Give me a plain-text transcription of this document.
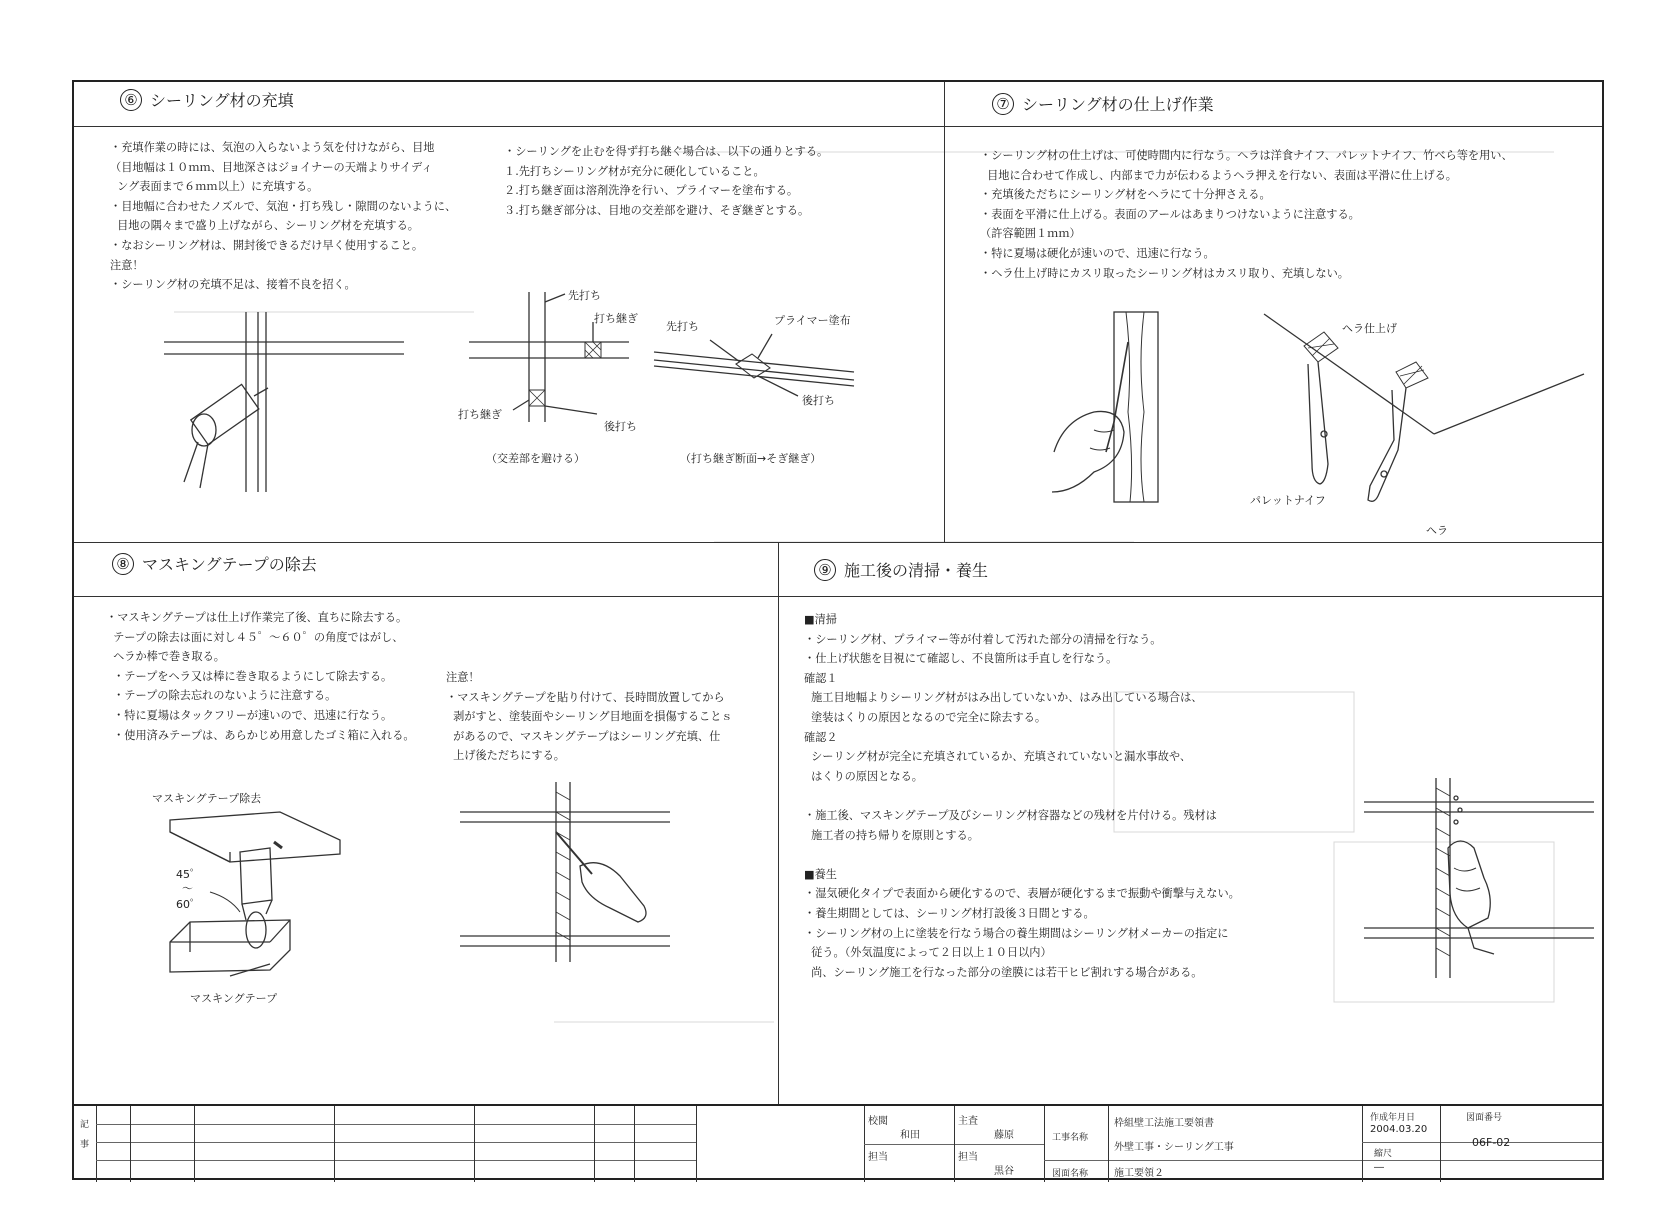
⑥ シーリング材の充填
・充填作業の時には、気泡の入らないよう気を付けながら、目地
（目地幅は１０ｍｍ、目地深さはジョイナーの天端よりサイディ
ング表面まで６ｍｍ以上）に充填する。
・目地幅に合わせたノズルで、気泡・打ち残し・隙間のないように、
目地の隅々まで盛り上げながら、シーリング材を充填する。
・なおシーリング材は、開封後できるだけ早く使用すること。
注意！
・シーリング材の充填不足は、接着不良を招く。
・シーリングを止むを得ず打ち継ぐ場合は、以下の通りとする。
１.先打ちシーリング材が充分に硬化していること。
２.打ち継ぎ面は溶剤洗浄を行い、プライマーを塗布する。
３.打ち継ぎ部分は、目地の交差部を避け、そぎ継ぎとする。
先打ち
打ち継ぎ
打ち継ぎ
後打ち
（交差部を避ける）
先打ち	プライマー塗布
後打ち
（打ち継ぎ断面→そぎ継ぎ）
⑦ シーリング材の仕上げ作業
・シーリング材の仕上げは、可使時間内に行なう。ヘラは洋食ナイフ、パレットナイフ、竹べら等を用い、
目地に合わせて作成し、内部まで力が伝わるようヘラ押えを行ない、表面は平滑に仕上げる。
・充填後ただちにシーリング材をヘラにて十分押さえる。
・表面を平滑に仕上げる。表面のアールはあまりつけないように注意する。
（許容範囲１ｍｍ）
・特に夏場は硬化が速いので、迅速に行なう。
・ヘラ仕上げ時にカスリ取ったシーリング材はカスリ取り、充填しない。
ヘラ仕上げ
パレットナイフ
ヘラ
⑧ マスキングテープの除去
・マスキングテープは仕上げ作業完了後、直ちに除去する。
テープの除去は面に対し４５゜～６０゜の角度ではがし、
ヘラか棒で巻き取る。
・テープをヘラ又は棒に巻き取るようにして除去する。
・テープの除去忘れのないように注意する。
・特に夏場はタックフリーが速いので、迅速に行なう。
・使用済みテープは、あらかじめ用意したゴミ箱に入れる。
注意！
・マスキングテープを貼り付けて、長時間放置してから
剥がすと、塗装面やシーリング目地面を損傷することｓ
があるので、マスキングテープはシーリング充填、仕
上げ後ただちにする。
マスキングテープ除去
45゜
～
60゜
マスキングテープ
⑨ 施工後の清掃・養生
■清掃
・シーリング材、プライマー等が付着して汚れた部分の清掃を行なう。
・仕上げ状態を目視にて確認し、不良箇所は手直しを行なう。
確認１
施工目地幅よりシーリング材がはみ出していないか、はみ出している場合は、
塗装はくりの原因となるので完全に除去する。
確認２
シーリング材が完全に充填されているか、充填されていないと漏水事故や、
はくりの原因となる。

・施工後、マスキングテープ及びシーリング材容器などの残材を片付ける。残材は
施工者の持ち帰りを原則とする。

■養生
・湿気硬化タイプで表面から硬化するので、表層が硬化するまで振動や衝撃与えない。
・養生期間としては、シーリング材打設後３日間とする。
・シーリング材の上に塗装を行なう場合の養生期間はシーリング材メーカーの指定に
従う。（外気温度によって２日以上１０日以内）
尚、シーリング施工を行なった部分の塗膜には若干ヒビ割れする場合がある。
記

事
校閲
和田
担当
主査
藤原
担当
黒谷
工事名称
図面名称
枠組壁工法施工要領書
外壁工事・シーリング工事
施工要領２
作成年月日
2004.03.20
縮尺
―
図面番号
06F-02
